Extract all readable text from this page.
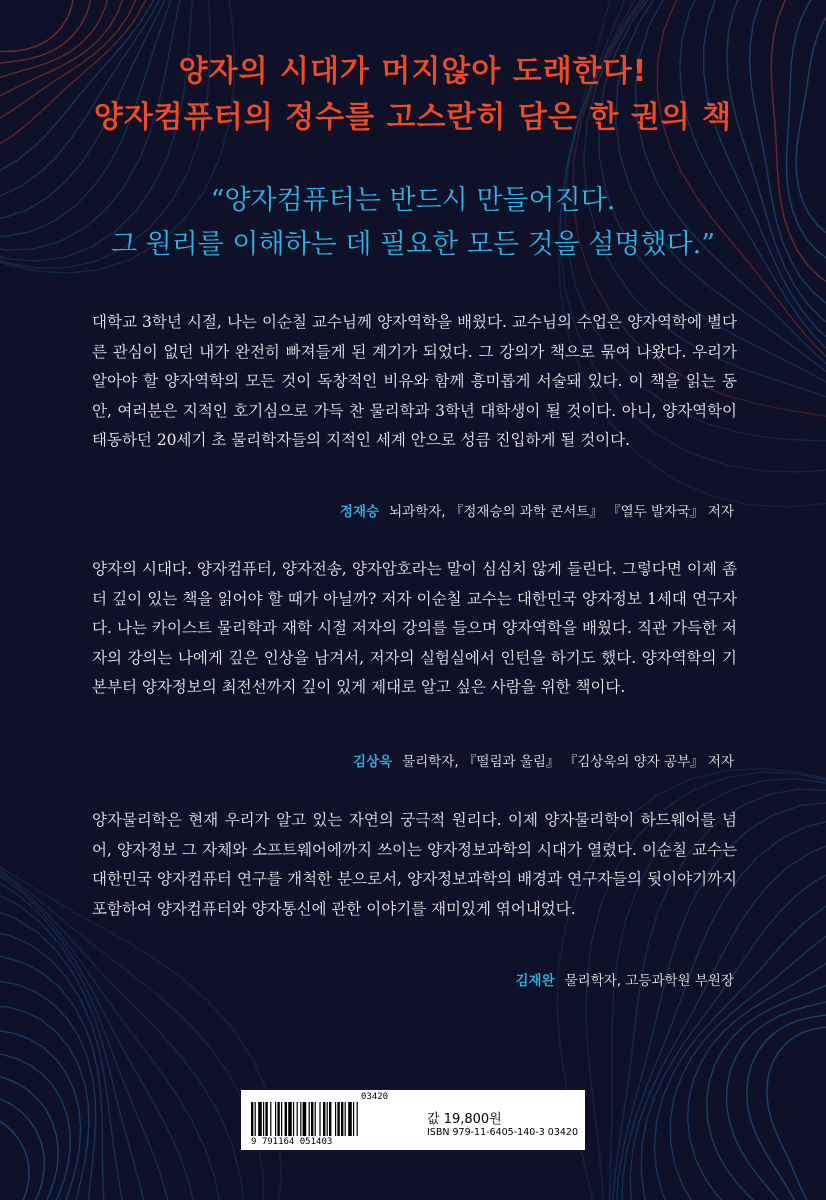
양자의 시대가 머지않아 도래한다!
양자컴퓨터의 정수를 고스란히 담은 한 권의 책

“양자컴퓨터는 반드시 만들어진다.

그 원리를 이해하는 데 필요한 모든 것을 설명했다.”

대학교 3학년 시절, 나는 이순칠 교수님께 양자역학을 배웠다. 교수님의 수업은 양자역학에 별다른 관심이 없던 내가 완전히 빠져들게 된 계기가 되었다. 그 강의가 책으로 묶여 나왔다. 우리가 알아야 할 양자역학의 모든 것이 독창적인 비유와 함께 흥미롭게 서술돼 있다. 이 책을 읽는 동안, 여러분은 지적인 호기심으로 가득 찬 물리학과 3학년 대학생이 될 것이다. 아니, 양자역학이 태동하던 20세기 초 물리학자들의 지적인 세계 안으로 성큼 진입하게 될 것이다.

정재승 뇌과학자, 『정재승의 과학 콘서트』 『열두 발자국』 저자

양자의 시대다. 양자컴퓨터, 양자전송, 양자암호라는 말이 심심치 않게 들린다. 그렇다면 이제 좀 더 깊이 있는 책을 읽어야 할 때가 아닐까? 저자 이순칠 교수는 대한민국 양자정보 1세대 연구자다. 나는 카이스트 물리학과 재학 시절 저자의 강의를 들으며 양자역학을 배웠다. 직관 가득한 저자의 강의는 나에게 깊은 인상을 남겨서, 저자의 실험실에서 인턴을 하기도 했다. 양자역학의 기본부터 양자정보의 최전선까지 깊이 있게 제대로 알고 싶은 사람을 위한 책이다.

김상욱 물리학자, 『떨림과 울림』 『김상욱의 양자 공부』 저자

양자물리학은 현재 우리가 알고 있는 자연의 궁극적 원리다. 이제 양자물리학이 하드웨어를 넘어, 양자정보 그 자체와 소프트웨어에까지 쓰이는 양자정보과학의 시대가 열렸다. 이순칠 교수는 대한민국 양자컴퓨터 연구를 개척한 분으로서, 양자정보과학의 배경과 연구자들의 뒷이야기까지 포함하여 양자컴퓨터와 양자통신에 관한 이야기를 재미있게 엮어내었다.

김재완 물리학자, 고등과학원 부원장

03420
9 791164 051403
값 19,800원
ISBN 979-11-6405-140-3 03420
